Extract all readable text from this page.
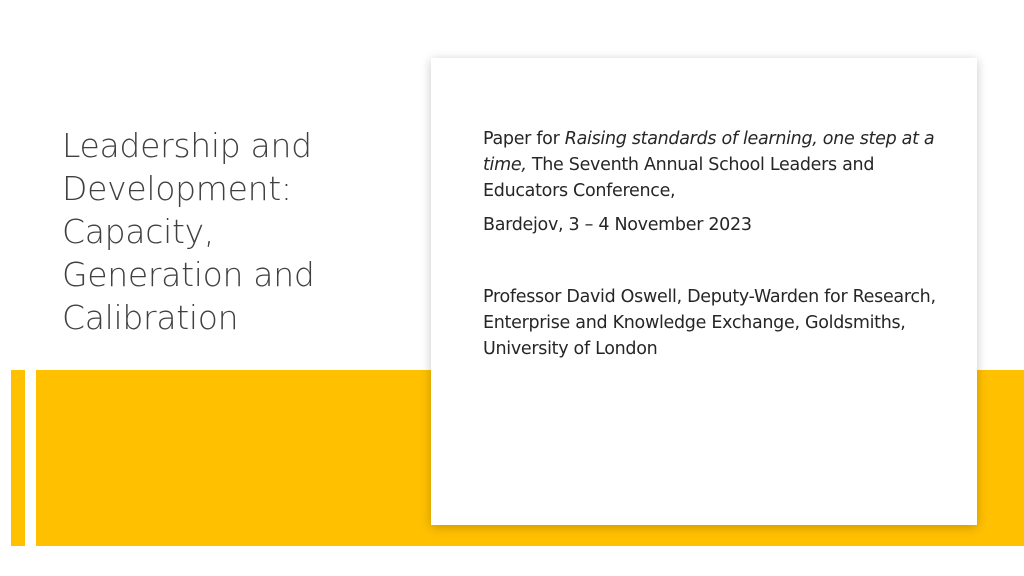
Leadership and Development: Capacity, Generation and Calibration

Paper for Raising standards of learning, one step at a time, The Seventh Annual School Leaders and Educators Conference,

Bardejov, 3 – 4 November 2023

Professor David Oswell, Deputy-Warden for Research, Enterprise and Knowledge Exchange, Goldsmiths, University of London
